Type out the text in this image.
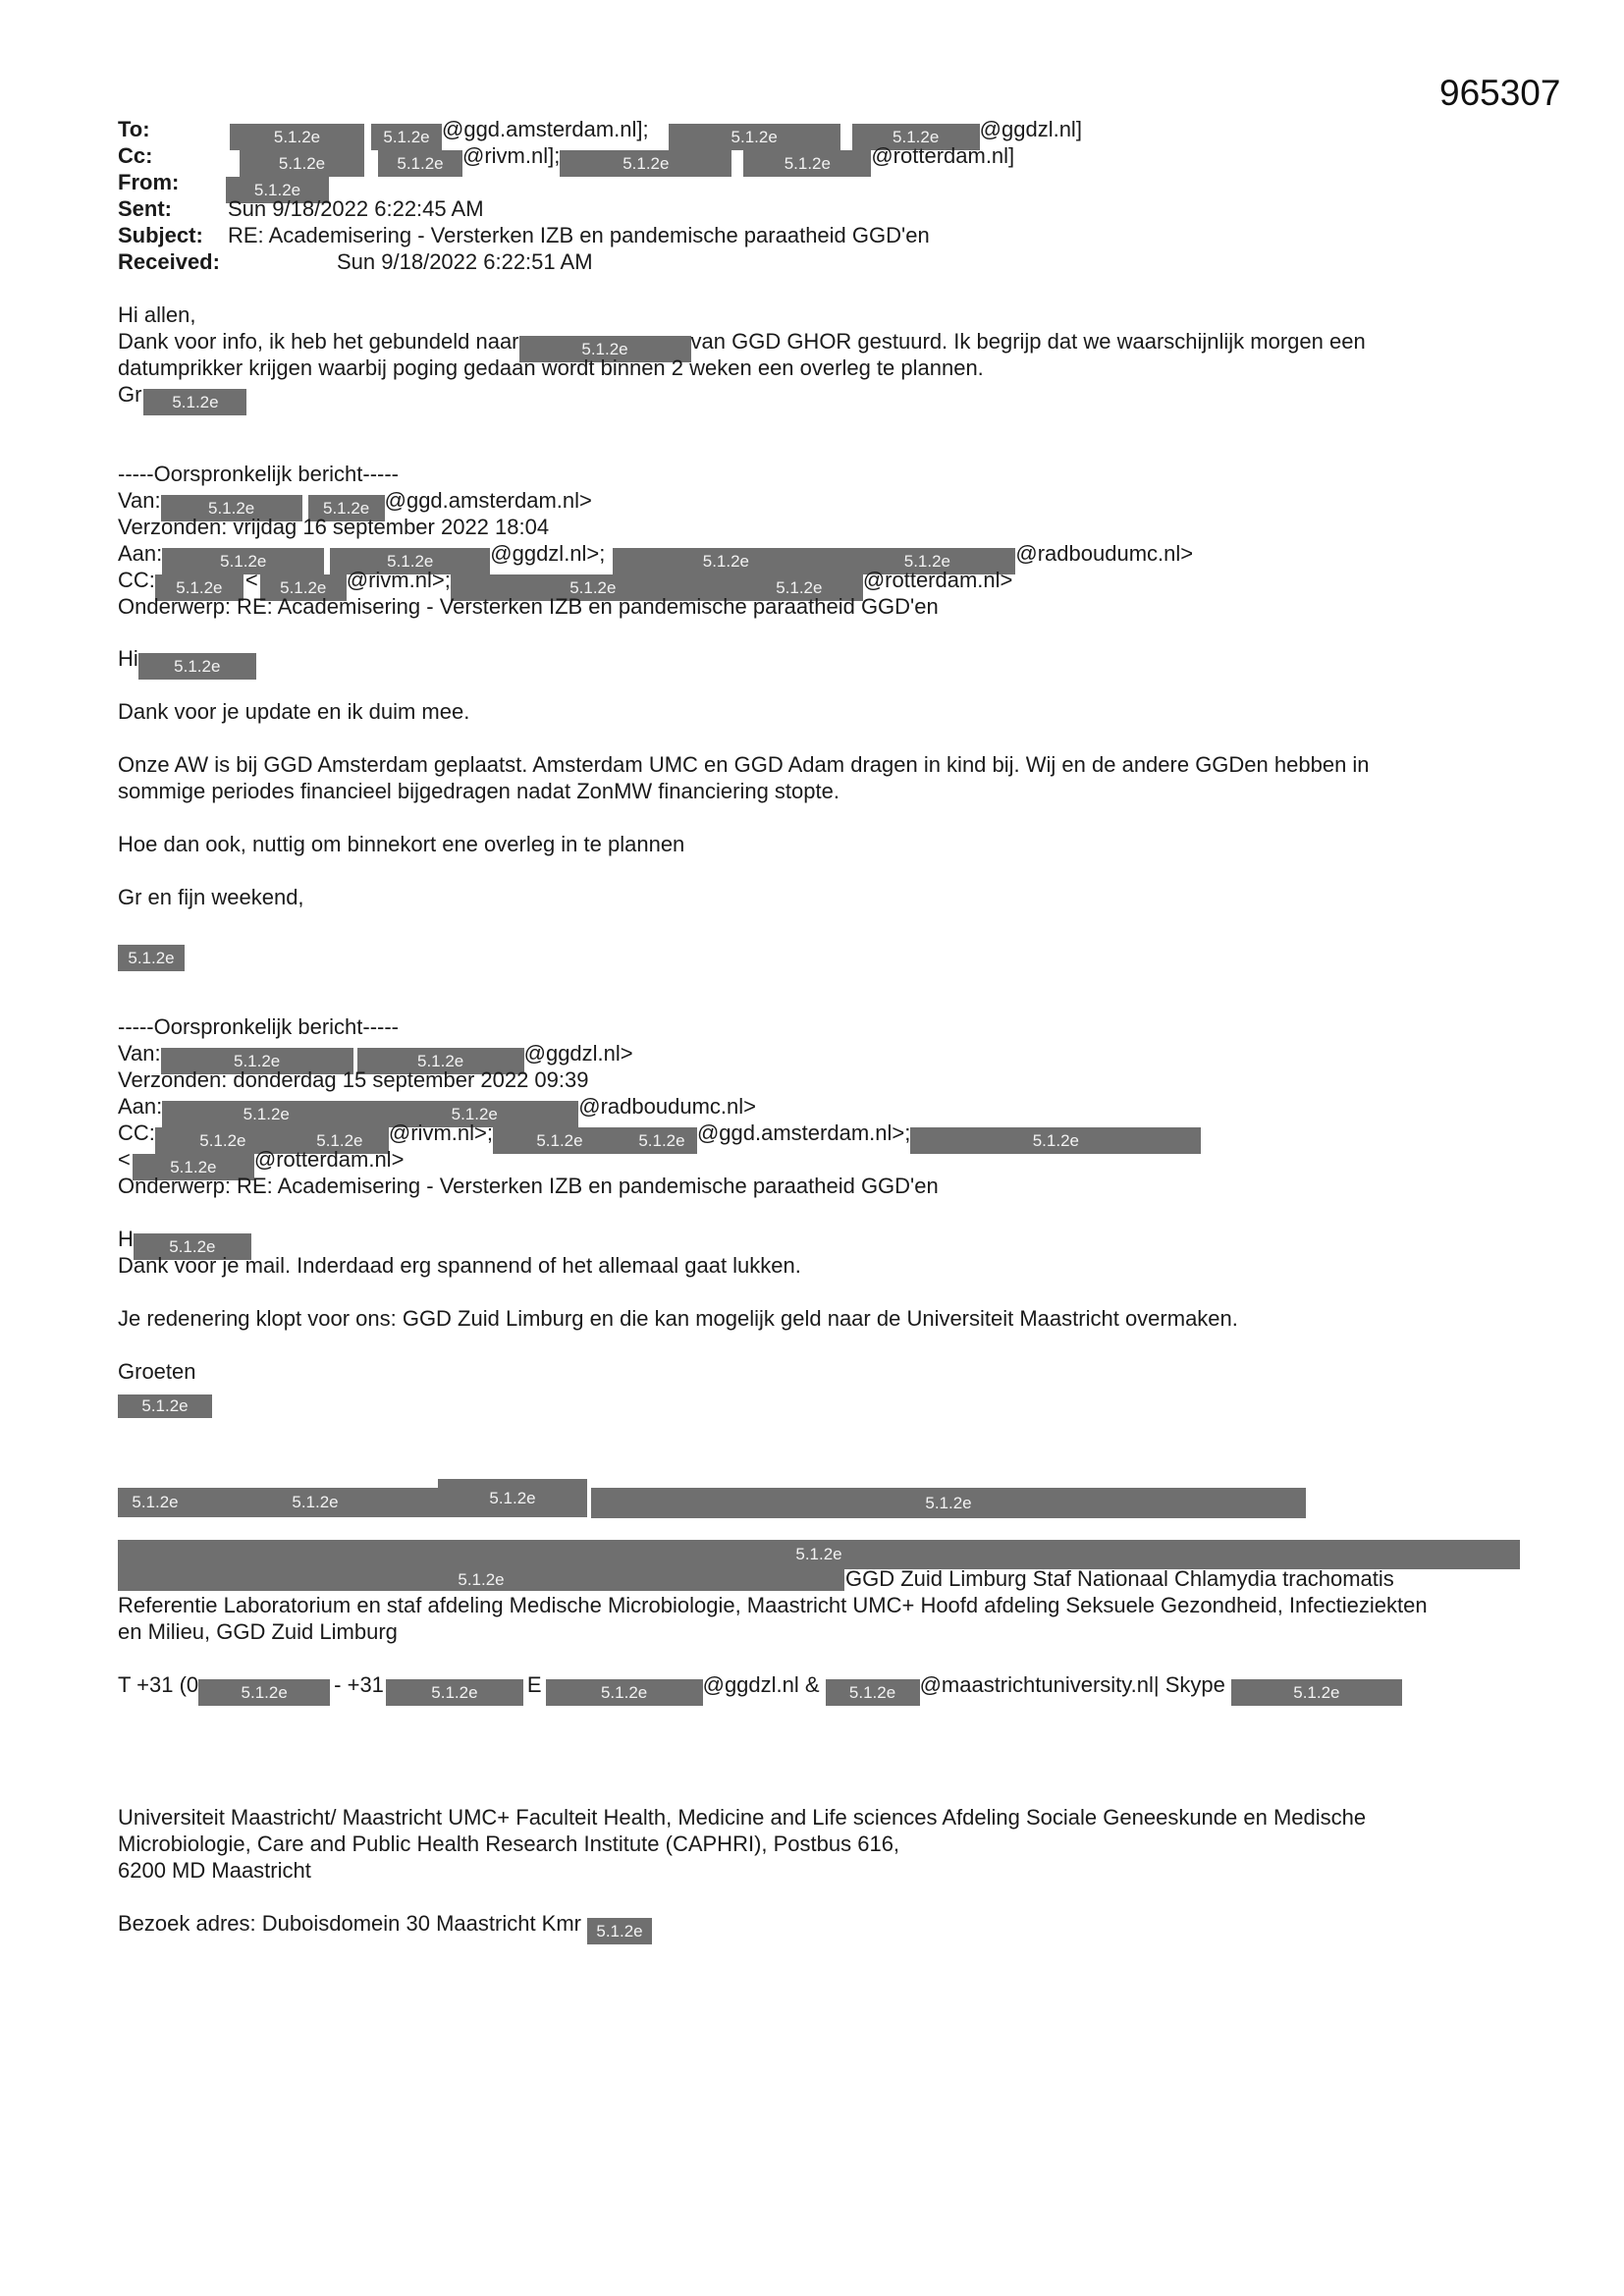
965307
To:	5.1.2e	5.1.2e @ggd.amsterdam.nl];	5.1.2e	5.1.2e @ggdzl.nl]
Cc:	5.1.2e	5.1.2e @rivm.nl];	5.1.2e	5.1.2e @rotterdam.nl]
From:	5.1.2e
Sent:	Sun 9/18/2022 6:22:45 AM
Subject: RE: Academisering - Versterken IZB en pandemische paraatheid GGD'en
Received:	Sun 9/18/2022 6:22:51 AM
Hi allen,
Dank voor info, ik heb het gebundeld naar	5.1.2e	van GGD GHOR gestuurd. Ik begrijp dat we waarschijnlijk morgen een
datumprikker krijgen waarbij poging gedaan wordt binnen 2 weken een overleg te plannen.
Gr 5.1.2e
-----Oorspronkelijk bericht-----
Van:	5.1.2e	5.1.2e @ggd.amsterdam.nl>
Verzonden: vrijdag 16 september 2022 18:04
Aan:	5.1.2e	5.1.2e	@ggdzl.nl>;	5.1.2e	5.1.2e	@radboudumc.nl>
CC: 5.1.2e < 5.1.2e @rivm.nl>;	5.1.2e	5.1.2e @rotterdam.nl>
Onderwerp: RE: Academisering - Versterken IZB en pandemische paraatheid GGD'en
Hi 5.1.2e
Dank voor je update en ik duim mee.
Onze AW is bij GGD Amsterdam geplaatst. Amsterdam UMC en GGD Adam dragen in kind bij. Wij en de andere GGDen hebben in
sommige periodes financieel bijgedragen nadat ZonMW financiering stopte.
Hoe dan ook, nuttig om binnekort ene overleg in te plannen
Gr en fijn weekend,
5.1.2e
-----Oorspronkelijk bericht-----
Van:	5.1.2e	5.1.2e	@ggdzl.nl>
Verzonden: donderdag 15 september 2022 09:39
Aan:	5.1.2e	5.1.2e	@radboudumc.nl>
CC:	5.1.2e	5.1.2e @rivm.nl>;	5.1.2e	5.1.2e @ggd.amsterdam.nl>;	5.1.2e
< 5.1.2e @rotterdam.nl>
Onderwerp: RE: Academisering - Versterken IZB en pandemische paraatheid GGD'en
H 5.1.2e
Dank voor je mail. Inderdaad erg spannend of het allemaal gaat lukken.
Je redenering klopt voor ons: GGD Zuid Limburg en die kan mogelijk geld naar de Universiteit Maastricht overmaken.
Groeten
5.1.2e
5.1.2e	5.1.2e	5.1.2e	5.1.2e
5.1.2e
5.1.2e	GGD Zuid Limburg Staf Nationaal Chlamydia trachomatis
Referentie Laboratorium en staf afdeling Medische Microbiologie, Maastricht UMC+ Hoofd afdeling Seksuele Gezondheid, Infectieziekten
en Milieu, GGD Zuid Limburg
T +31 (0	5.1.2e - +31	5.1.2e E	5.1.2e	@ggdzl.nl & 5.1.2e @maastrichtuniversity.nl| Skype	5.1.2e
Universiteit Maastricht/ Maastricht UMC+ Faculteit Health, Medicine and Life sciences Afdeling Sociale Geneeskunde en Medische
Microbiologie, Care and Public Health Research Institute (CAPHRI), Postbus 616,
6200 MD Maastricht
Bezoek adres: Duboisdomein 30 Maastricht Kmr 5.1.2e
